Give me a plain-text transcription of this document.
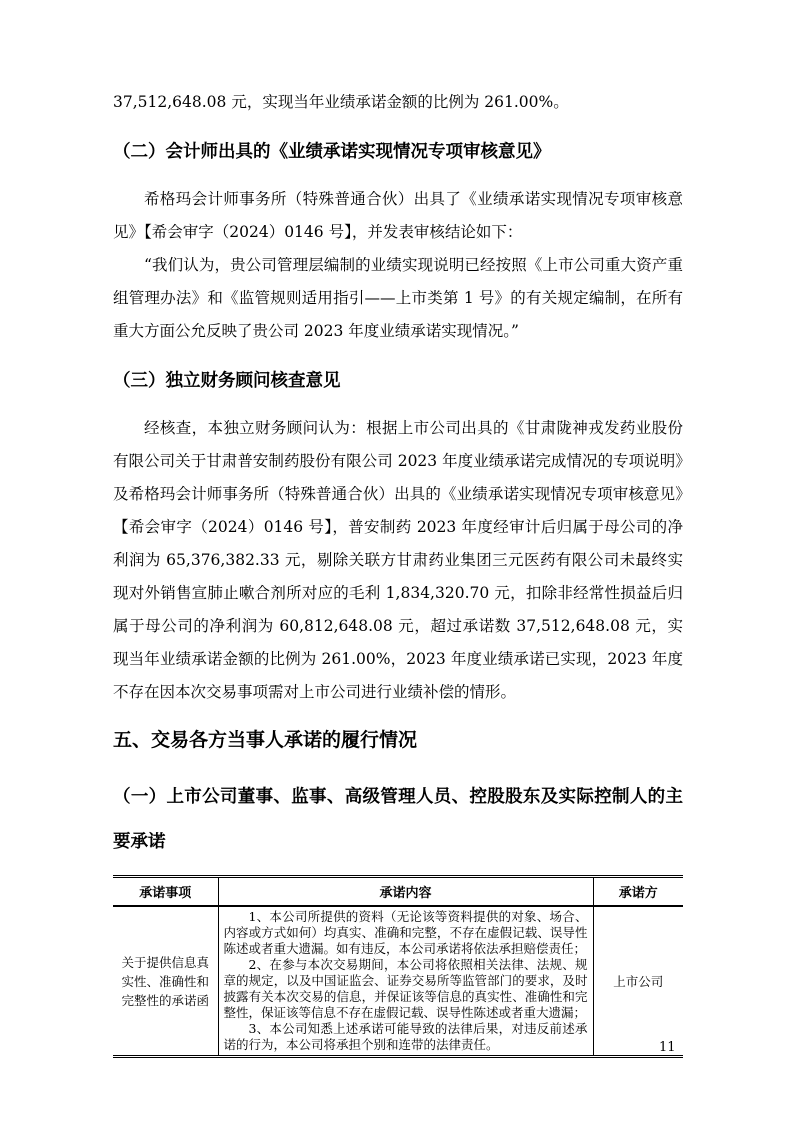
37,512,648.08 元，实现当年业绩承诺金额的比例为 261.00%。

（二）会计师出具的《业绩承诺实现情况专项审核意见》

希格玛会计师事务所（特殊普通合伙）出具了《业绩承诺实现情况专项审核意见》【希会审字（2024）0146 号】，并发表审核结论如下：

“我们认为，贵公司管理层编制的业绩实现说明已经按照《上市公司重大资产重组管理办法》和《监管规则适用指引——上市类第 1 号》的有关规定编制，在所有重大方面公允反映了贵公司 2023 年度业绩承诺实现情况。”

（三）独立财务顾问核查意见

经核查，本独立财务顾问认为：根据上市公司出具的《甘肃陇神戎发药业股份有限公司关于甘肃普安制药股份有限公司 2023 年度业绩承诺完成情况的专项说明》及希格玛会计师事务所（特殊普通合伙）出具的《业绩承诺实现情况专项审核意见》【希会审字（2024）0146 号】，普安制药 2023 年度经审计后归属于母公司的净利润为 65,376,382.33 元，剔除关联方甘肃药业集团三元医药有限公司未最终实现对外销售宣肺止嗽合剂所对应的毛利 1,834,320.70 元，扣除非经常性损益后归属于母公司的净利润为 60,812,648.08 元，超过承诺数 37,512,648.08 元，实现当年业绩承诺金额的比例为 261.00%，2023 年度业绩承诺已实现，2023 年度不存在因本次交易事项需对上市公司进行业绩补偿的情形。

五、交易各方当事人承诺的履行情况
（一）上市公司董事、监事、高级管理人员、控股股东及实际控制人的主要承诺
承诺事项	承诺内容	承诺方
关于提供信息真实性、准确性和完整性的承诺函	1、本公司所提供的资料（无论该等资料提供的对象、场合、内容或方式如何）均真实、准确和完整，不存在虚假记载、误导性陈述或者重大遗漏。如有违反，本公司承诺将依法承担赔偿责任；

2、在参与本次交易期间，本公司将依照相关法律、法规、规章的规定，以及中国证监会、证券交易所等监管部门的要求，及时披露有关本次交易的信息，并保证该等信息的真实性、准确性和完整性，保证该等信息不存在虚假记载、误导性陈述或者重大遗漏；

3、本公司知悉上述承诺可能导致的法律后果，对违反前述承诺的行为，本公司将承担个别和连带的法律责任。	上市公司
11
